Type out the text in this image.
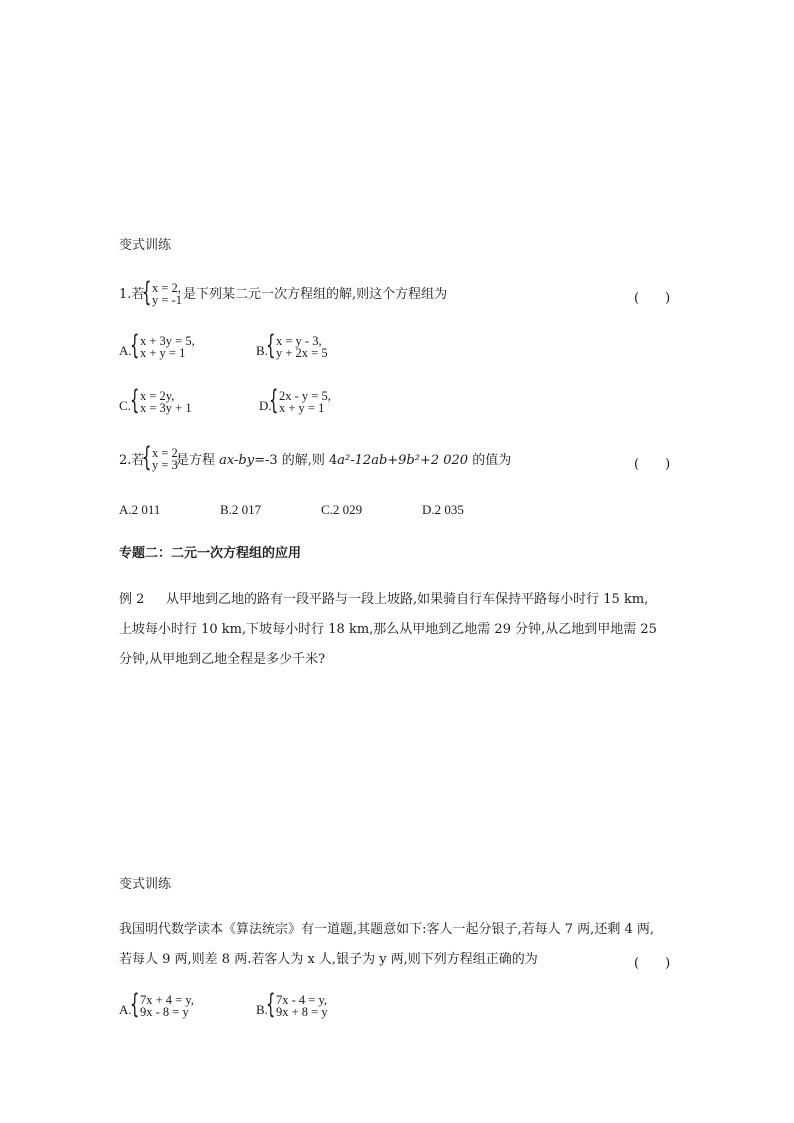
变式训练
1.若
{ x = 2,
y = -1 是下列某二元一次方程组的解,则这个方程组为	(　　)
A.
{ x + 3y = 5,
x + y = 1	B.
{ x = y - 3,
y + 2x = 5
C. { x = 2y,
x = 3y + 1	D.
{ 2x - y = 5,
x + y = 1
2.若
{ x = 2,
y = 3
是方程 ax-by=-3 的解,则 4a²-12ab+9b²+2 020 的值为	(　　)
A.2 011	B.2 017	C.2 029	D.2 035
专题二：二元一次方程组的应用
例 2 从甲地到乙地的路有一段平路与一段上坡路,如果骑自行车保持平路每小时行 15 km,
上坡每小时行 10 km,下坡每小时行 18 km,那么从甲地到乙地需 29 分钟,从乙地到甲地需 25
分钟,从甲地到乙地全程是多少千米?
变式训练
我国明代数学读本《算法统宗》有一道题,其题意如下:客人一起分银子,若每人 7 两,还剩 4 两,
若每人 9 两,则差 8 两.若客人为 x 人,银子为 y 两,则下列方程组正确的为	(　　)
A.
{ 7x + 4 = y,
9x - 8 = y	B.
{ 7x - 4 = y,
9x + 8 = y
